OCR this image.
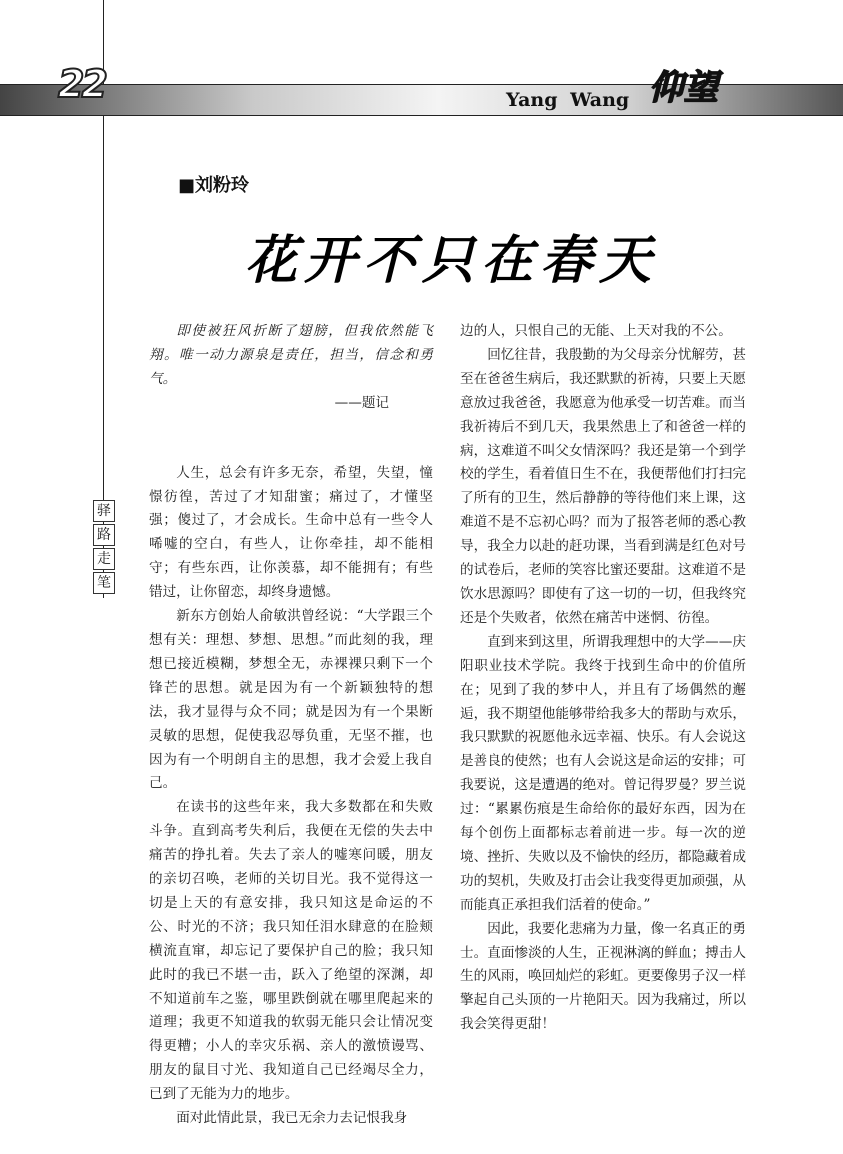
22	仰望
Yang Wang
驿
路
走
笔
■刘粉玲
花开不只在春天

即使被狂风折断了翅膀，但我依然能飞翔。唯一动力源泉是责任，担当，信念和勇气。

——题记

人生，总会有许多无奈，希望，失望，憧憬彷徨，苦过了才知甜蜜；痛过了，才懂坚强；傻过了，才会成长。生命中总有一些令人唏嘘的空白，有些人，让你牵挂，却不能相守；有些东西，让你羡慕，却不能拥有；有些错过，让你留恋，却终身遗憾。

新东方创始人俞敏洪曾经说：“大学跟三个想有关：理想、梦想、思想。”而此刻的我，理想已接近模糊，梦想全无，赤裸裸只剩下一个锋芒的思想。就是因为有一个新颖独特的想法，我才显得与众不同；就是因为有一个果断灵敏的思想，促使我忍辱负重，无坚不摧，也因为有一个明朗自主的思想，我才会爱上我自己。

在读书的这些年来，我大多数都在和失败斗争。直到高考失利后，我便在无偿的失去中痛苦的挣扎着。失去了亲人的嘘寒问暖，朋友的亲切召唤，老师的关切目光。我不觉得这一切是上天的有意安排，我只知这是命运的不公、时光的不济；我只知任泪水肆意的在脸颊横流直窜，却忘记了要保护自己的脸；我只知此时的我已不堪一击，跃入了绝望的深渊，却不知道前车之鉴，哪里跌倒就在哪里爬起来的道理；我更不知道我的软弱无能只会让情况变得更糟；小人的幸灾乐祸、亲人的激愤谩骂、朋友的鼠目寸光、我知道自己已经竭尽全力，已到了无能为力的地步。

面对此情此景，我已无余力去记恨我身

边的人，只恨自己的无能、上天对我的不公。

回忆往昔，我殷勤的为父母亲分忧解劳，甚至在爸爸生病后，我还默默的祈祷，只要上天愿意放过我爸爸，我愿意为他承受一切苦难。而当我祈祷后不到几天，我果然患上了和爸爸一样的病，这难道不叫父女情深吗？我还是第一个到学校的学生，看着值日生不在，我便帮他们打扫完了所有的卫生，然后静静的等待他们来上课，这难道不是不忘初心吗？而为了报答老师的悉心教导，我全力以赴的赶功课，当看到满是红色对号的试卷后，老师的笑容比蜜还要甜。这难道不是饮水思源吗？即使有了这一切的一切，但我终究还是个失败者，依然在痛苦中迷惘、彷徨。

直到来到这里，所谓我理想中的大学——庆阳职业技术学院。我终于找到生命中的价值所在；见到了我的梦中人，并且有了场偶然的邂逅，我不期望他能够带给我多大的帮助与欢乐，我只默默的祝愿他永远幸福、快乐。有人会说这是善良的使然；也有人会说这是命运的安排；可我要说，这是遭遇的绝对。曾记得罗曼？罗兰说过：“累累伤痕是生命给你的最好东西，因为在每个创伤上面都标志着前进一步。每一次的逆境、挫折、失败以及不愉快的经历，都隐藏着成功的契机，失败及打击会让我变得更加顽强，从而能真正承担我们活着的使命。”

因此，我要化悲痛为力量，像一名真正的勇士。直面惨淡的人生，正视淋漓的鲜血；搏击人生的风雨，唤回灿烂的彩虹。更要像男子汉一样擎起自己头顶的一片艳阳天。因为我痛过，所以我会笑得更甜！
